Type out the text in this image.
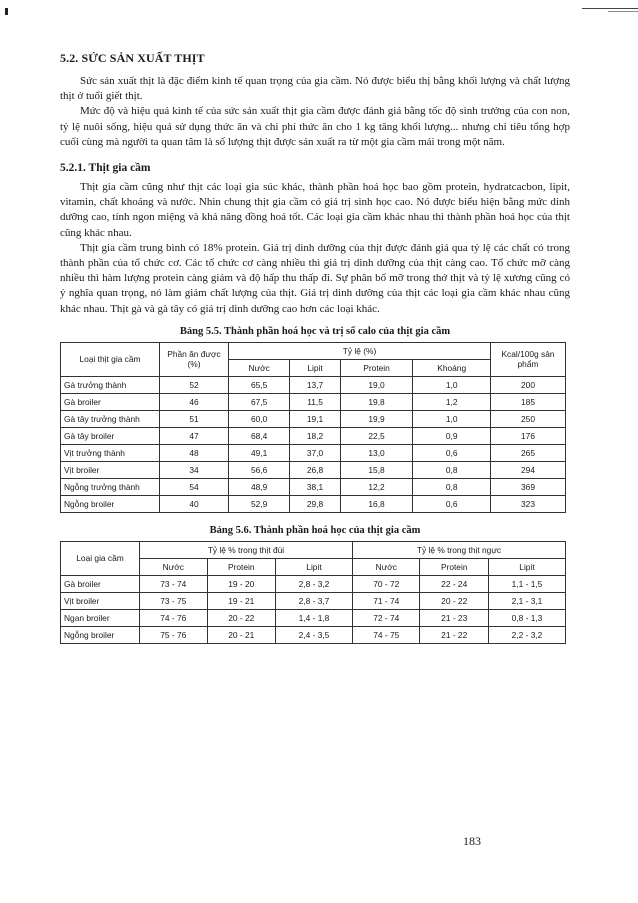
5.2. SỨC SẢN XUẤT THỊT

Sức sản xuất thịt là đặc điểm kinh tế quan trọng của gia cầm. Nó được biểu thị bằng khối lượng và chất lượng thịt ở tuổi giết thịt.

Mức độ và hiệu quả kinh tế của sức sản xuất thịt gia cầm được đánh giá bằng tốc độ sinh trưởng của con non, tỷ lệ nuôi sống, hiệu quả sử dụng thức ăn và chi phí thức ăn cho 1 kg tăng khối lượng... nhưng chỉ tiêu tổng hợp cuối cùng mà người ta quan tâm là số lượng thịt được sản xuất ra từ một gia cầm mái trong một năm.

5.2.1. Thịt gia cầm

Thịt gia cầm cũng như thịt các loại gia súc khác, thành phần hoá học bao gồm protein, hydratcacbon, lipit, vitamin, chất khoáng và nước. Nhìn chung thịt gia cầm có giá trị sinh học cao. Nó được biểu hiện bằng mức dinh dưỡng cao, tính ngon miệng và khả năng đồng hoá tốt. Các loại gia cầm khác nhau thì thành phần hoá học của thịt cũng khác nhau.

Thịt gia cầm trung bình có 18% protein. Giá trị dinh dưỡng của thịt được đánh giá qua tỷ lệ các chất có trong thành phần của tổ chức cơ. Các tổ chức cơ càng nhiều thì giá trị dinh dưỡng của thịt càng cao. Tổ chức mỡ càng nhiều thì hàm lượng protein càng giảm và độ hấp thu thấp đi. Sự phân bố mỡ trong thớ thịt và tỷ lệ xương cũng có ý nghĩa quan trọng, nó làm giảm chất lượng của thịt. Giá trị dinh dưỡng của thịt các loại gia cầm khác nhau cũng khác nhau. Thịt gà và gà tây có giá trị dinh dưỡng cao hơn các loại khác.

Bảng 5.5. Thành phần hoá học và trị số calo của thịt gia cầm
Loại thịt gia cầm	Phần ăn được (%)	Tỷ lệ (%)				Kcal/100g sản phẩm
		Nước	Lipit	Protein	Khoáng	
Gà trưởng thành	52	65,5	13,7	19,0	1,0	200
Gà broiler	46	67,5	11,5	19,8	1,2	185
Gà tây trưởng thành	51	60,0	19,1	19,9	1,0	250
Gà tây broiler	47	68,4	18,2	22,5	0,9	176
Vịt trưởng thành	48	49,1	37,0	13,0	0,6	265
Vịt broiler	34	56,6	26,8	15,8	0,8	294
Ngỗng trưởng thành	54	48,9	38,1	12,2	0,8	369
Ngỗng broiler	40	52,9	29,8	16,8	0,6	323
Bảng 5.6. Thành phần hoá học của thịt gia cầm
Loại gia cầm	Tỷ lệ % trong thịt đùi			Tỷ lệ % trong thịt ngực		
	Nước	Protein	Lipit	Nước	Protein	Lipit
Gà broiler	73 - 74	19 - 20	2,8 - 3,2	70 - 72	22 - 24	1,1 - 1,5
Vịt broiler	73 - 75	19 - 21	2,8 - 3,7	71 - 74	20 - 22	2,1 - 3,1
Ngan broiler	74 - 76	20 - 22	1,4 - 1,8	72 - 74	21 - 23	0,8 - 1,3
Ngỗng broiler	75 - 76	20 - 21	2,4 - 3,5	74 - 75	21 - 22	2,2 - 3,2
183
